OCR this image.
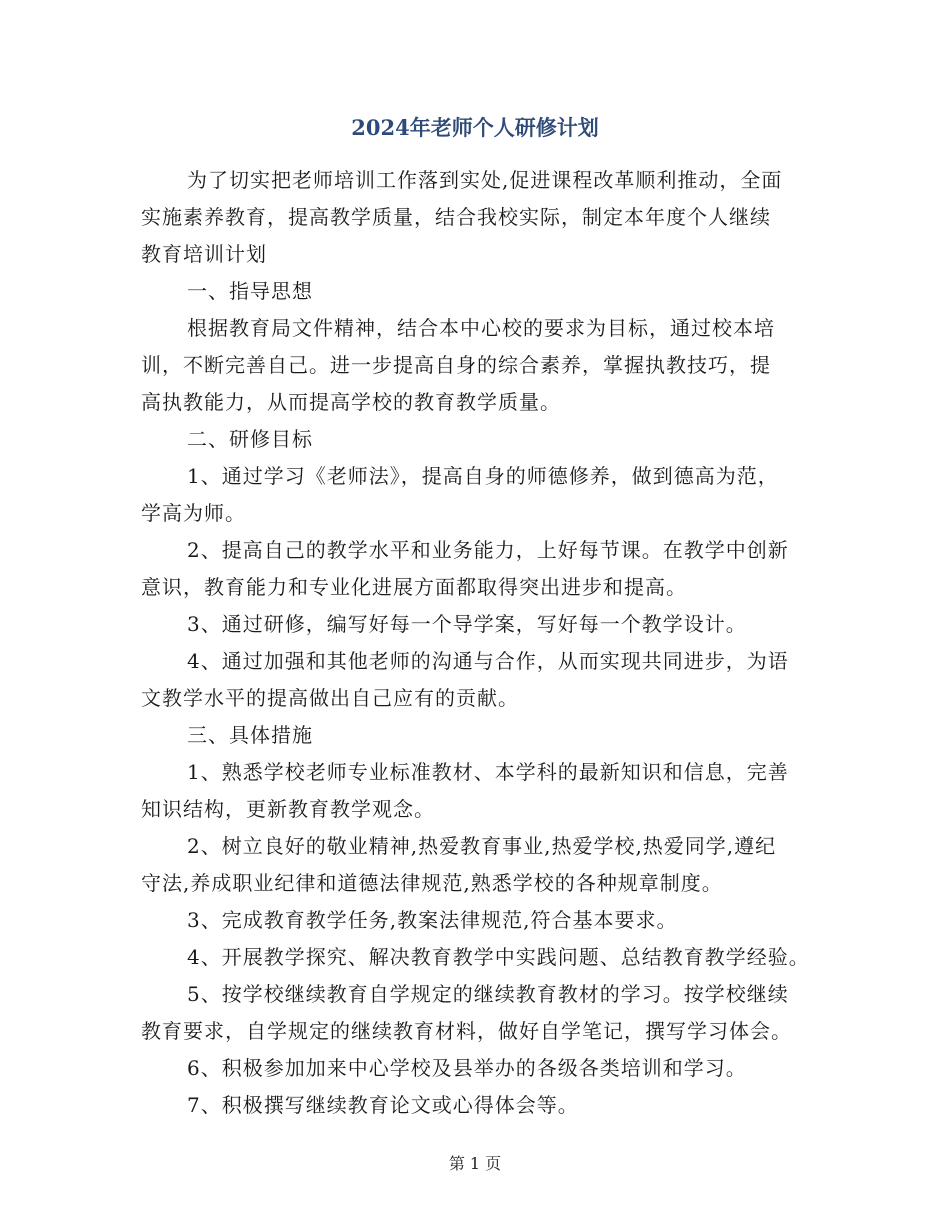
2024年老师个人研修计划
为了切实把老师培训工作落到实处,促进课程改革顺利推动，全面
实施素养教育，提高教学质量，结合我校实际，制定本年度个人继续
教育培训计划
一、指导思想
根据教育局文件精神，结合本中心校的要求为目标，通过校本培
训，不断完善自己。进一步提高自身的综合素养，掌握执教技巧，提
高执教能力，从而提高学校的教育教学质量。
二、研修目标
1、通过学习《老师法》，提高自身的师德修养，做到德高为范，
学高为师。
2、提高自己的教学水平和业务能力，上好每节课。在教学中创新
意识，教育能力和专业化进展方面都取得突出进步和提高。
3、通过研修，编写好每一个导学案，写好每一个教学设计。
4、通过加强和其他老师的沟通与合作，从而实现共同进步，为语
文教学水平的提高做出自己应有的贡献。
三、具体措施
1、熟悉学校老师专业标准教材、本学科的最新知识和信息，完善
知识结构，更新教育教学观念。
2、树立良好的敬业精神,热爱教育事业,热爱学校,热爱同学,遵纪
守法,养成职业纪律和道德法律规范,熟悉学校的各种规章制度。
3、完成教育教学任务,教案法律规范,符合基本要求。
4、开展教学探究、解决教育教学中实践问题、总结教育教学经验。
5、按学校继续教育自学规定的继续教育教材的学习。按学校继续
教育要求，自学规定的继续教育材料，做好自学笔记，撰写学习体会。
6、积极参加加来中心学校及县举办的各级各类培训和学习。
7、积极撰写继续教育论文或心得体会等。
第 1 页
